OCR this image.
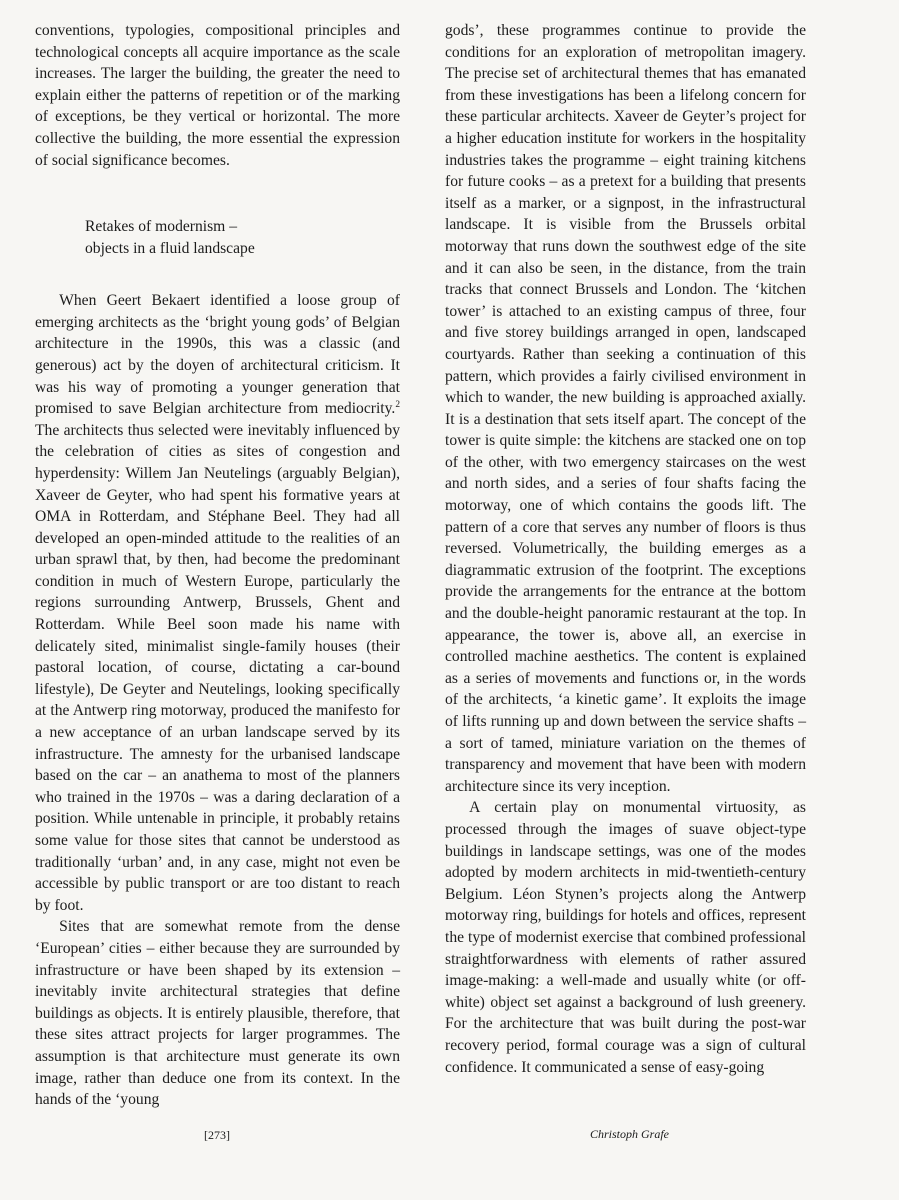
conventions, typologies, compositional principles and technological concepts all acquire importance as the scale increases. The larger the building, the greater the need to explain either the patterns of repetition or of the marking of exceptions, be they vertical or horizontal. The more collective the building, the more essential the expression of social significance becomes.

Retakes of modernism –
objects in a fluid landscape

When Geert Bekaert identified a loose group of emerging architects as the ‘bright young gods’ of Belgian architecture in the 1990s, this was a classic (and generous) act by the doyen of architectural criticism. It was his way of promoting a younger generation that promised to save Belgian architecture from mediocrity.$^2$ The architects thus selected were inevitably influenced by the celebration of cities as sites of congestion and hyperdensity: Willem Jan Neutelings (arguably Belgian), Xaveer de Geyter, who had spent his formative years at OMA in Rotterdam, and Stéphane Beel. They had all developed an open-minded attitude to the realities of an urban sprawl that, by then, had become the predominant condition in much of Western Europe, particularly the regions surrounding Antwerp, Brussels, Ghent and Rotterdam. While Beel soon made his name with delicately sited, minimalist single-family houses (their pastoral location, of course, dictating a car-bound lifestyle), De Geyter and Neutelings, looking specifically at the Antwerp ring motorway, produced the manifesto for a new acceptance of an urban landscape served by its infrastructure. The amnesty for the urbanised landscape based on the car – an anathema to most of the planners who trained in the 1970s – was a daring declaration of a position. While untenable in principle, it probably retains some value for those sites that cannot be understood as traditionally ‘urban’ and, in any case, might not even be accessible by public transport or are too distant to reach by foot.

Sites that are somewhat remote from the dense ‘European’ cities – either because they are surrounded by infrastructure or have been shaped by its extension – inevitably invite architectural strategies that define buildings as objects. It is entirely plausible, therefore, that these sites attract projects for larger programmes. The assumption is that architecture must generate its own image, rather than deduce one from its context. In the hands of the ‘young

gods’, these programmes continue to provide the conditions for an exploration of metropolitan imagery. The precise set of architectural themes that has emanated from these investigations has been a lifelong concern for these particular architects. Xaveer de Geyter’s project for a higher education institute for workers in the hospitality industries takes the programme – eight training kitchens for future cooks – as a pretext for a building that presents itself as a marker, or a signpost, in the infrastructural landscape. It is visible from the Brussels orbital motorway that runs down the southwest edge of the site and it can also be seen, in the distance, from the train tracks that connect Brussels and London. The ‘kitchen tower’ is attached to an existing campus of three, four and five storey buildings arranged in open, landscaped courtyards. Rather than seeking a continuation of this pattern, which provides a fairly civilised environment in which to wander, the new building is approached axially. It is a destination that sets itself apart. The concept of the tower is quite simple: the kitchens are stacked one on top of the other, with two emergency staircases on the west and north sides, and a series of four shafts facing the motorway, one of which contains the goods lift. The pattern of a core that serves any number of floors is thus reversed. Volumetrically, the building emerges as a diagrammatic extrusion of the footprint. The exceptions provide the arrangements for the entrance at the bottom and the double-height panoramic restaurant at the top. In appearance, the tower is, above all, an exercise in controlled machine aesthetics. The content is explained as a series of movements and functions or, in the words of the architects, ‘a kinetic game’. It exploits the image of lifts running up and down between the service shafts – a sort of tamed, miniature variation on the themes of transparency and movement that have been with modern architecture since its very inception.

A certain play on monumental virtuosity, as processed through the images of suave object-type buildings in landscape settings, was one of the modes adopted by modern architects in mid-twentieth-century Belgium. Léon Stynen’s projects along the Antwerp motorway ring, buildings for hotels and offices, represent the type of modernist exercise that combined professional straightforwardness with elements of rather assured image-making: a well-made and usually white (or off-white) object set against a background of lush greenery. For the architecture that was built during the post-war recovery period, formal courage was a sign of cultural confidence. It communicated a sense of easy-going

[273]	Christoph Grafe
